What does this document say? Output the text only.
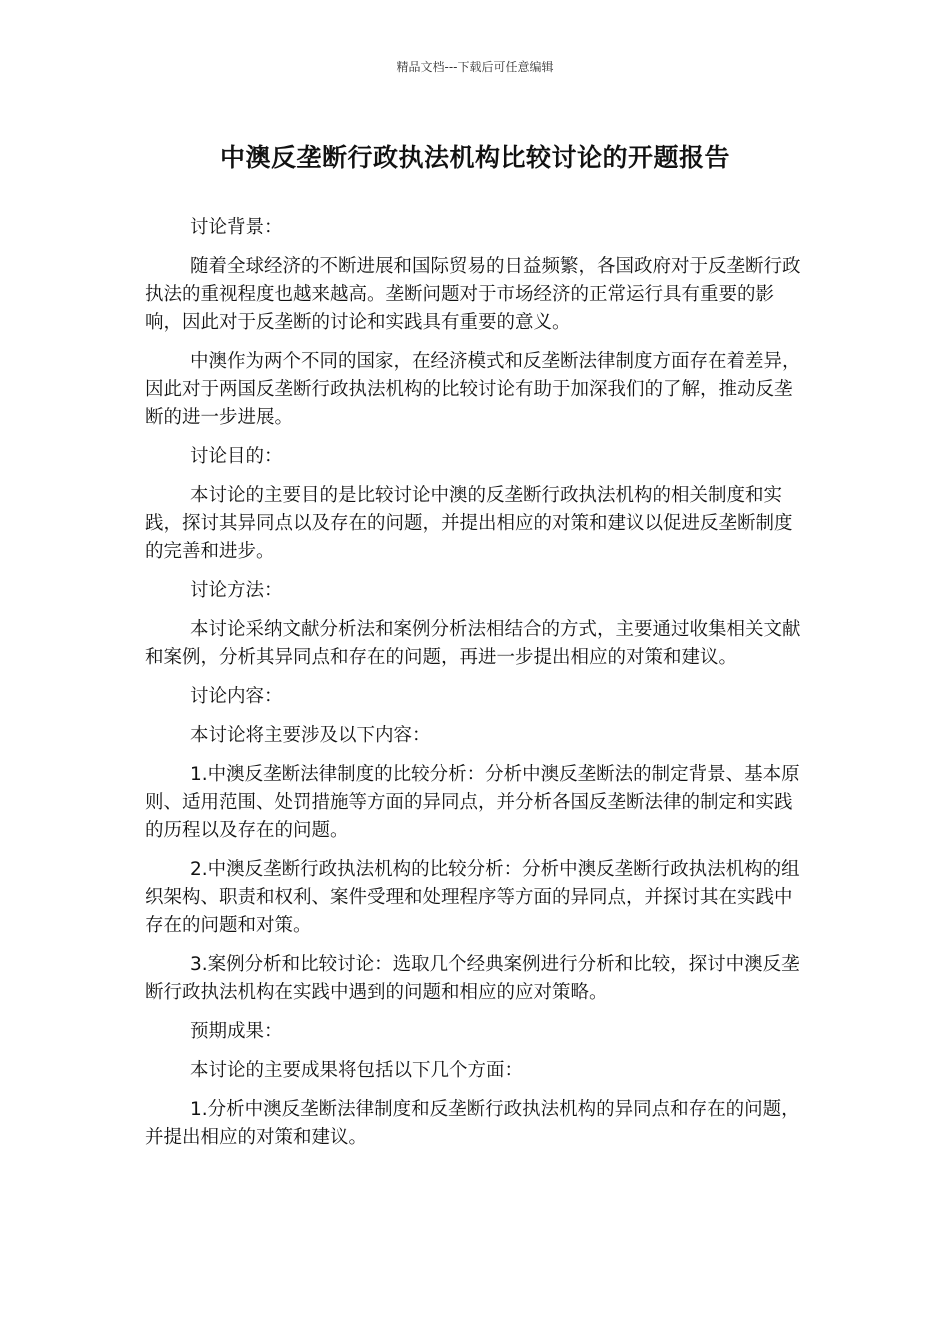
精品文档---下载后可任意编辑
中澳反垄断行政执法机构比较讨论的开题报告

讨论背景：

随着全球经济的不断进展和国际贸易的日益频繁，各国政府对于反垄断行政执法的重视程度也越来越高。垄断问题对于市场经济的正常运行具有重要的影响，因此对于反垄断的讨论和实践具有重要的意义。

中澳作为两个不同的国家，在经济模式和反垄断法律制度方面存在着差异，因此对于两国反垄断行政执法机构的比较讨论有助于加深我们的了解，推动反垄断的进一步进展。

讨论目的：

本讨论的主要目的是比较讨论中澳的反垄断行政执法机构的相关制度和实践，探讨其异同点以及存在的问题，并提出相应的对策和建议以促进反垄断制度的完善和进步。

讨论方法：

本讨论采纳文献分析法和案例分析法相结合的方式，主要通过收集相关文献和案例，分析其异同点和存在的问题，再进一步提出相应的对策和建议。

讨论内容：

本讨论将主要涉及以下内容：

1.中澳反垄断法律制度的比较分析：分析中澳反垄断法的制定背景、基本原则、适用范围、处罚措施等方面的异同点，并分析各国反垄断法律的制定和实践的历程以及存在的问题。

2.中澳反垄断行政执法机构的比较分析：分析中澳反垄断行政执法机构的组织架构、职责和权利、案件受理和处理程序等方面的异同点，并探讨其在实践中存在的问题和对策。

3.案例分析和比较讨论：选取几个经典案例进行分析和比较，探讨中澳反垄断行政执法机构在实践中遇到的问题和相应的应对策略。

预期成果：

本讨论的主要成果将包括以下几个方面：

1.分析中澳反垄断法律制度和反垄断行政执法机构的异同点和存在的问题，并提出相应的对策和建议。
